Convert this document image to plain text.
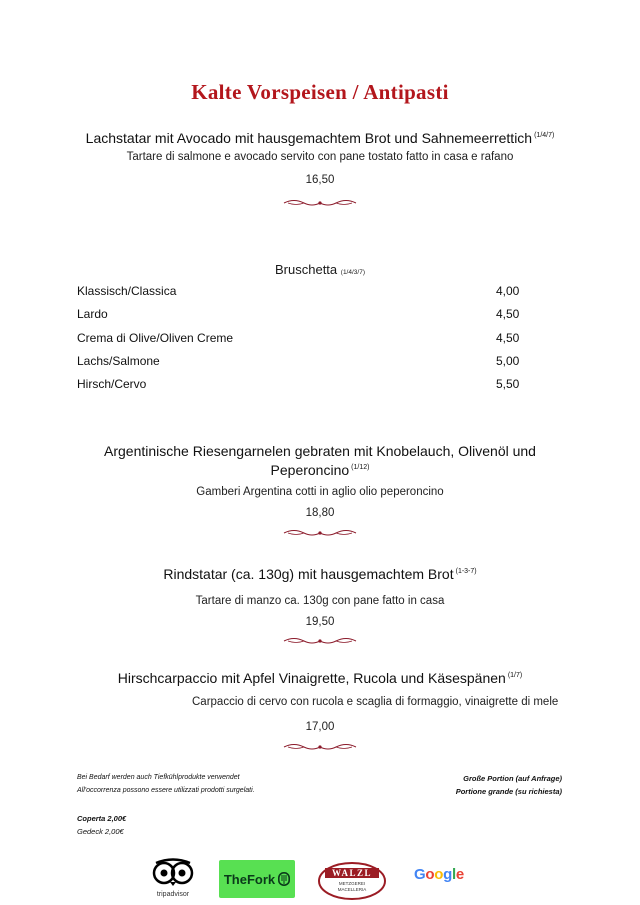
Kalte Vorspeisen / Antipasti
Lachstatar mit Avocado mit hausgemachtem Brot und Sahnemeerrettich $^{(1/4/7)}$
Tartare di salmone e avocado servito con pane tostato fatto in casa e rafano
16,50
Bruschetta (1/4/3/7)
Klassisch/Classica	4,00
Lardo	4,50
Crema di Olive/Oliven Creme	4,50
Lachs/Salmone	5,00
Hirsch/Cervo	5,50
Argentinische Riesengarnelen gebraten mit Knobelauch, Olivenöl und
Peperoncino $^{(1/12)}$
Gamberi Argentina cotti in aglio olio peperoncino
18,80
Rindstatar (ca. 130g) mit hausgemachtem Brot $^{(1-3-7)}$
Tartare di manzo ca. 130g con pane fatto in casa
19,50
Hirschcarpaccio mit Apfel Vinaigrette, Rucola und Käsespänen $^{(1/7)}$
Carpaccio di cervo con rucola e scaglia di formaggio, vinaigrette di mele
17,00
Bei Bedarf werden auch Tiefkühlprodukte verwendet
All'occorrenza possono essere utilizzati prodotti surgelati.
Große Portion (auf Anfrage)
Portione grande (su richiesta)
Coperta 2,00€
Gedeck 2,00€
tripadvisor
TheFork	WALZL
METZGEREI
MACELLERIA
Google
